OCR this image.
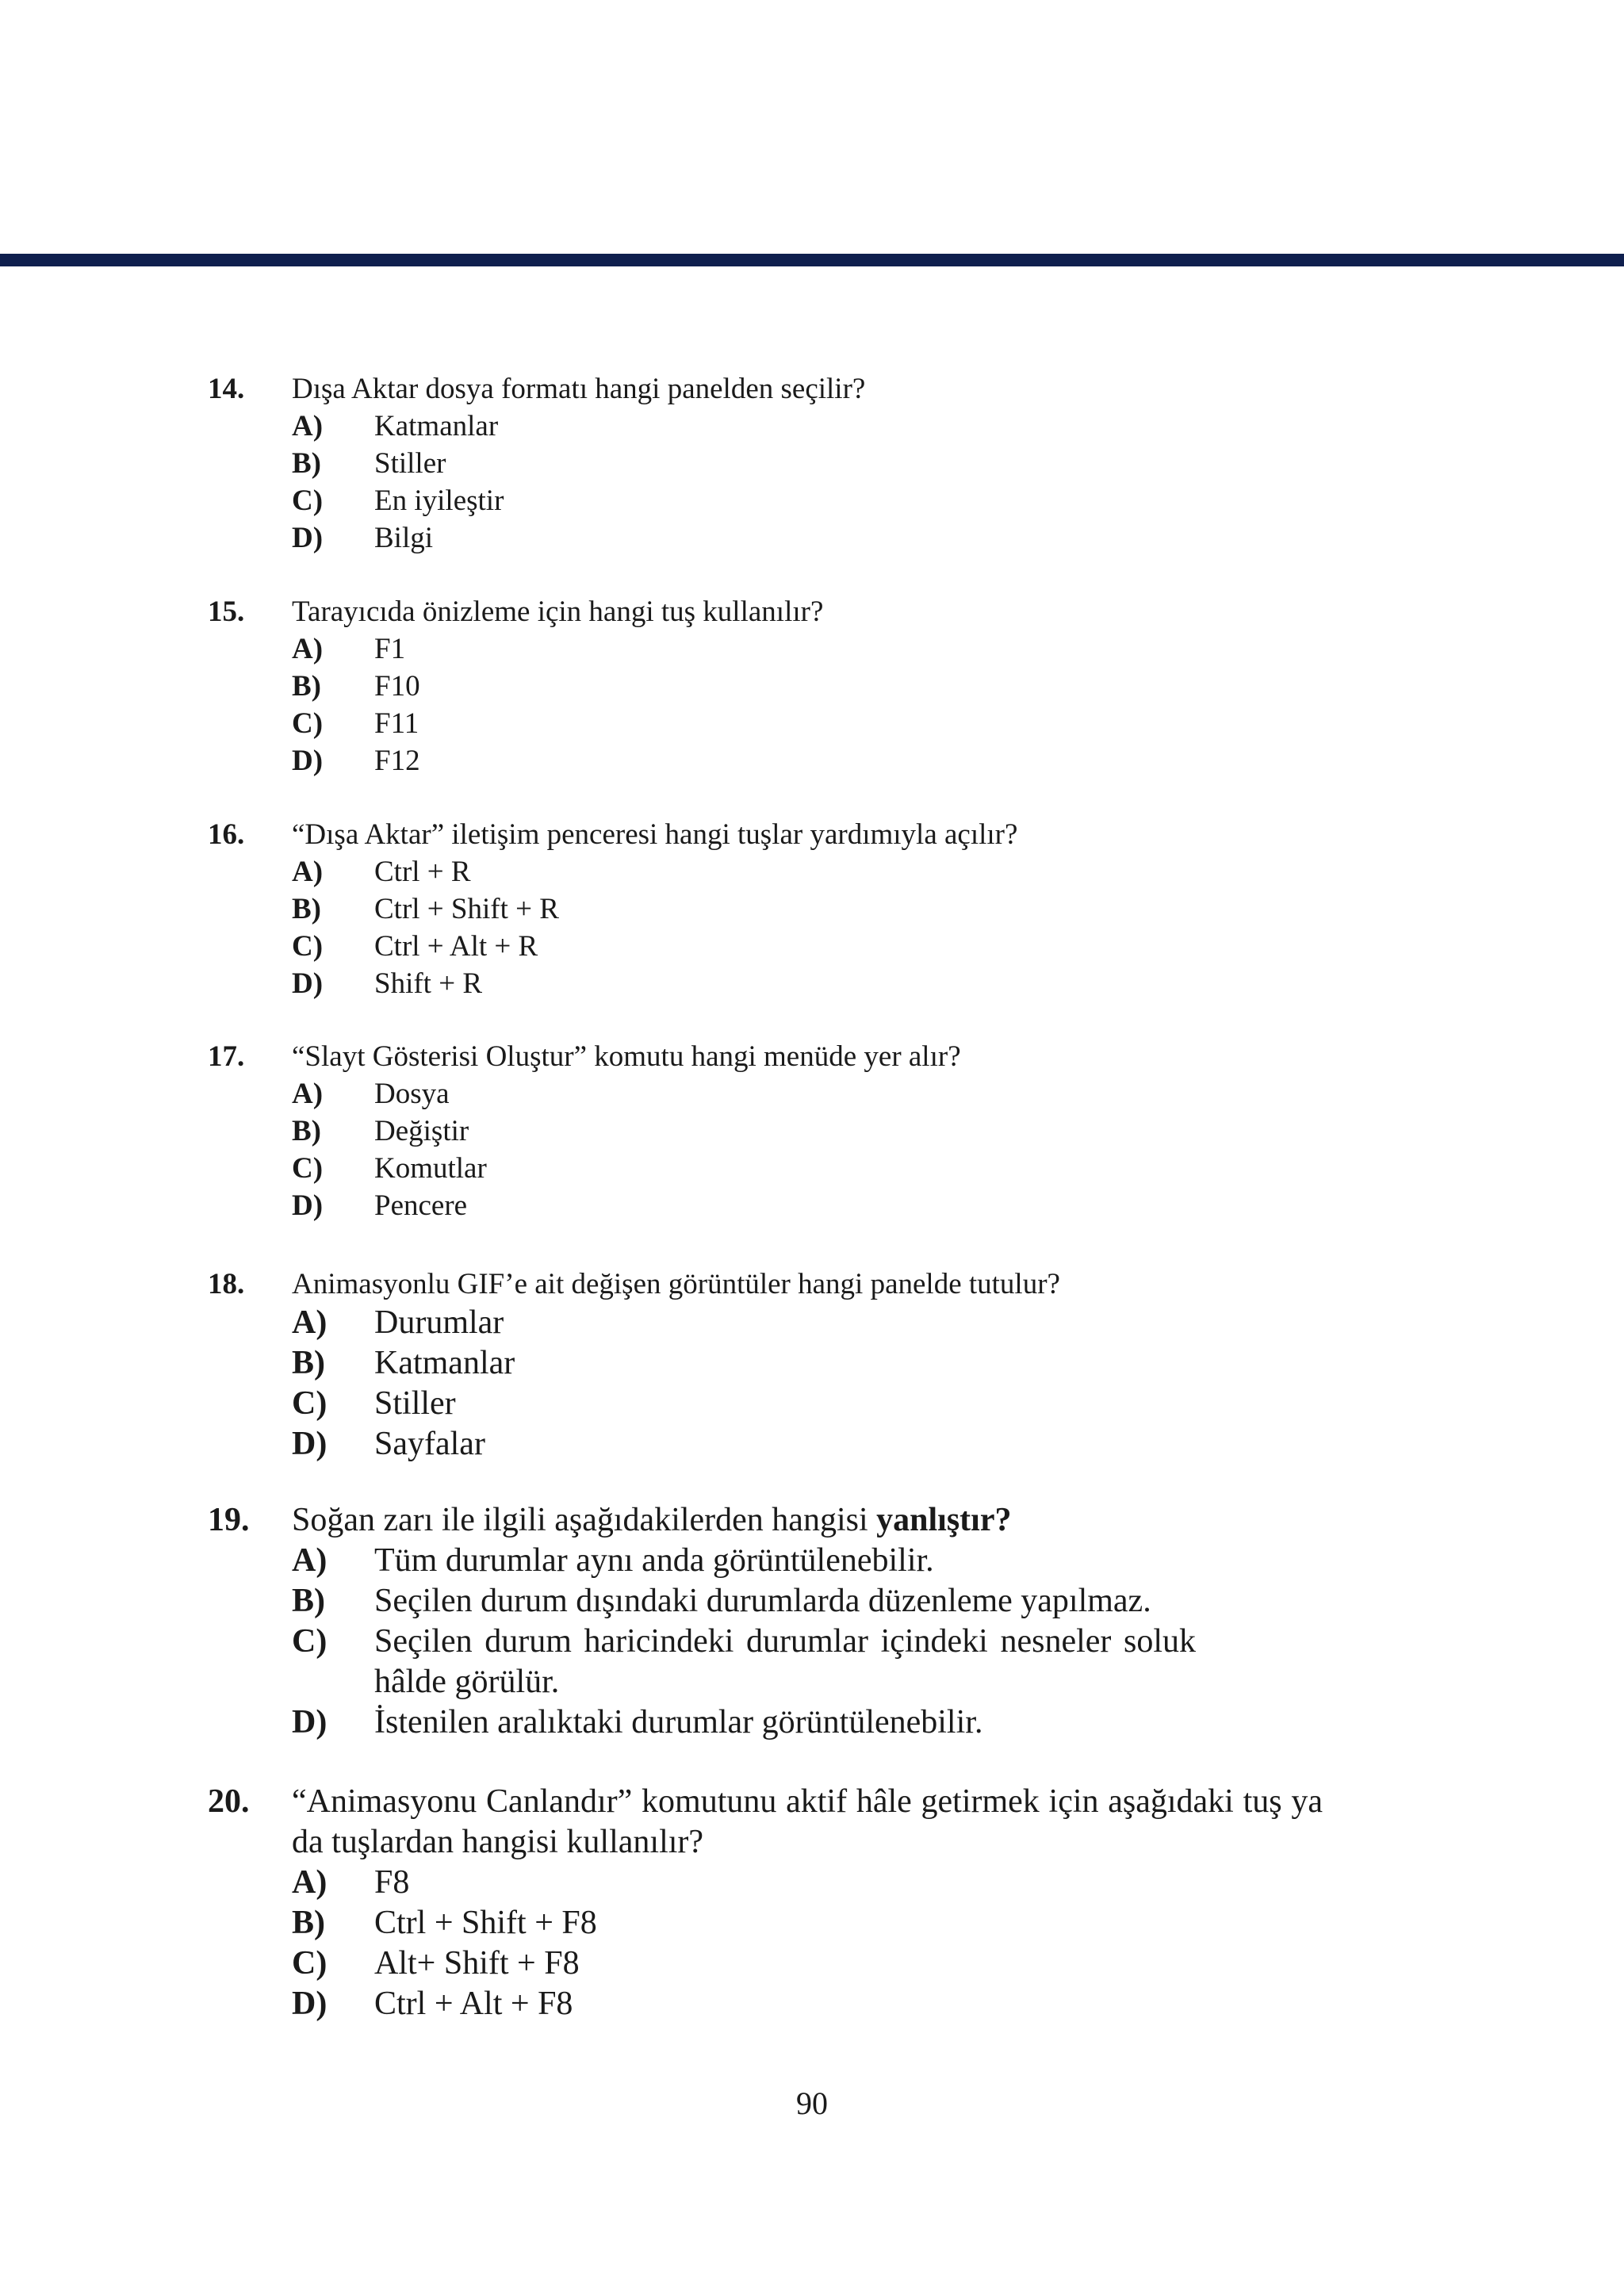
14. Dışa Aktar dosya formatı hangi panelden seçilir?
A) Katmanlar
B) Stiller
C) En iyileştir
D) Bilgi
15. Tarayıcıda önizleme için hangi tuş kullanılır?
A) F1
B) F10
C) F11
D) F12
16. “Dışa Aktar” iletişim penceresi hangi tuşlar yardımıyla açılır?
A) Ctrl + R
B) Ctrl + Shift + R
C) Ctrl + Alt + R
D) Shift + R
17. “Slayt Gösterisi Oluştur” komutu hangi menüde yer alır?
A) Dosya
B) Değiştir
C) Komutlar
D) Pencere
18. Animasyonlu GIF’e ait değişen görüntüler hangi panelde tutulur?
A) Durumlar
B) Katmanlar
C) Stiller
D) Sayfalar
19. Soğan zarı ile ilgili aşağıdakilerden hangisi yanlıştır?
A) Tüm durumlar aynı anda görüntülenebilir.
B) Seçilen durum dışındaki durumlarda düzenleme yapılmaz.
C) Seçilen durum haricindeki durumlar içindeki nesneler soluk hâlde görülür.
D) İstenilen aralıktaki durumlar görüntülenebilir.
20. “Animasyonu Canlandır” komutunu aktif hâle getirmek için aşağıdaki tuş ya da tuşlardan hangisi kullanılır?
A) F8
B) Ctrl + Shift + F8
C) Alt+ Shift + F8
D) Ctrl + Alt + F8
90
